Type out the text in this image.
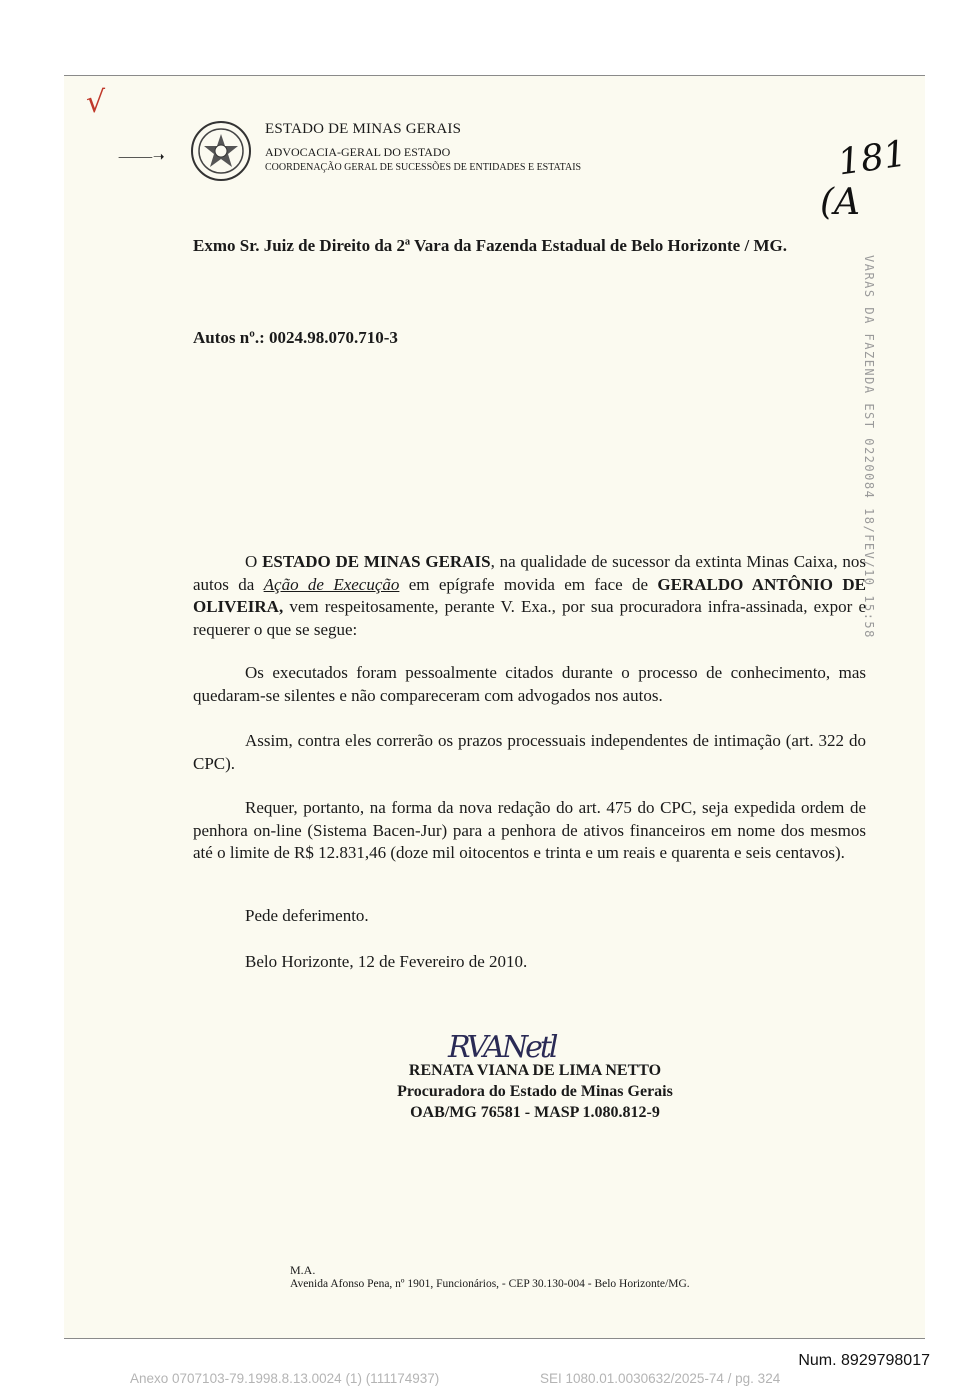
√
⸻➝
ESTADO DE MINAS GERAIS
ADVOCACIA-GERAL DO ESTADO
COORDENAÇÃO GERAL DE SUCESSÕES DE ENTIDADES E ESTATAIS	181
(A
Exmo Sr. Juiz de Direito da 2ª Vara da Fazenda Estadual de Belo Horizonte / MG.
Autos nº.: 0024.98.070.710-3	VARAS DA FAZENDA EST 0220084 18/FEV/10 15:58

O ESTADO DE MINAS GERAIS, na qualidade de sucessor da extinta Minas Caixa, nos autos da Ação de Execução em epígrafe movida em face de GERALDO ANTÔNIO DE OLIVEIRA, vem respeitosamente, perante V. Exa., por sua procuradora infra-assinada, expor e requerer o que se segue:

Os executados foram pessoalmente citados durante o processo de conhecimento, mas quedaram-se silentes e não compareceram com advogados nos autos.

Assim, contra eles correrão os prazos processuais independentes de intimação (art. 322 do CPC).

Requer, portanto, na forma da nova redação do art. 475 do CPC, seja expedida ordem de penhora on-line (Sistema Bacen-Jur) para a penhora de ativos financeiros em nome dos mesmos até o limite de R$ 12.831,46 (doze mil oitocentos e trinta e um reais e quarenta e seis centavos).

Pede deferimento.

Belo Horizonte, 12 de Fevereiro de 2010.

RVANetl
RENATA VIANA DE LIMA NETTO
Procuradora do Estado de Minas Gerais
OAB/MG 76581 - MASP 1.080.812-9
M.A.
Avenida Afonso Pena, nº 1901, Funcionários, - CEP 30.130-004 - Belo Horizonte/MG.
Num. 8929798017
Anexo 0707103-79.1998.8.13.0024 (1) (111174937)	SEI 1080.01.0030632/2025-74 / pg. 324
